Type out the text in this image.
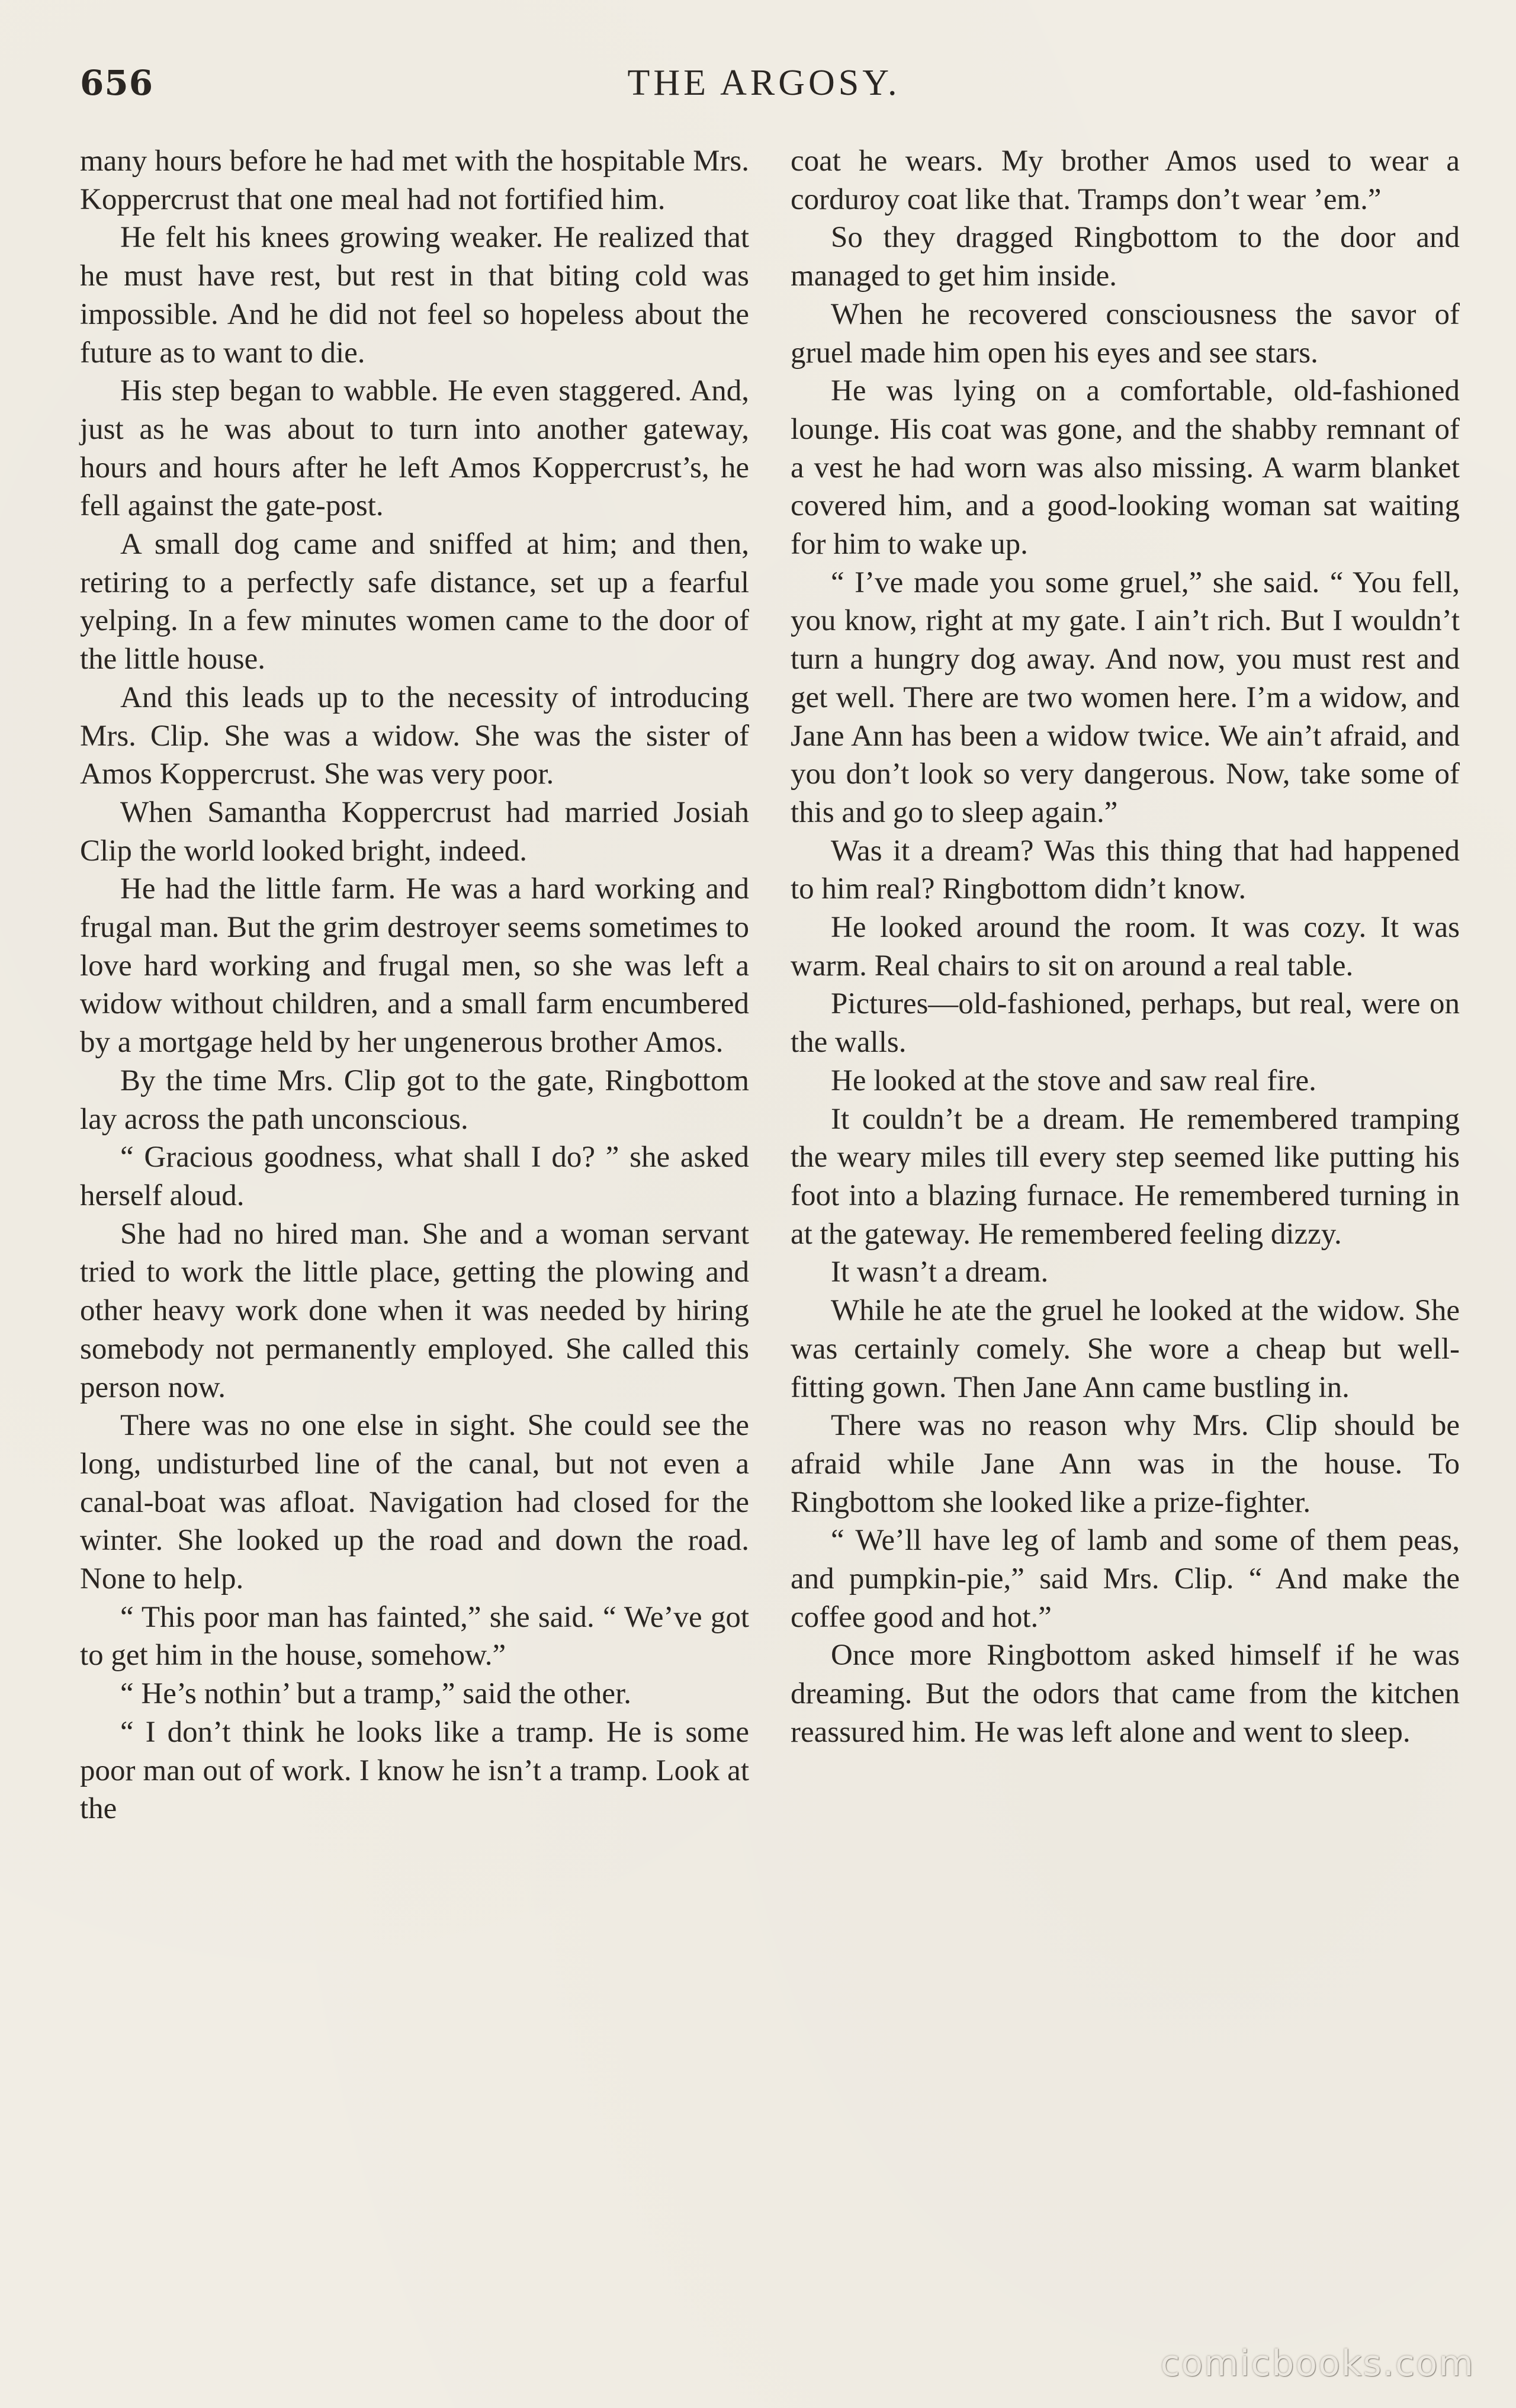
656	THE ARGOSY.

many hours before he had met with the hospitable Mrs. Koppercrust that one meal had not fortified him.

He felt his knees growing weaker. He realized that he must have rest, but rest in that biting cold was impossible. And he did not feel so hopeless about the future as to want to die.

His step began to wabble. He even staggered. And, just as he was about to turn into another gateway, hours and hours after he left Amos Koppercrust’s, he fell against the gate-post.

A small dog came and sniffed at him; and then, retiring to a perfectly safe distance, set up a fearful yelping. In a few minutes women came to the door of the little house.

And this leads up to the necessity of introducing Mrs. Clip. She was a widow. She was the sister of Amos Koppercrust. She was very poor.

When Samantha Koppercrust had married Josiah Clip the world looked bright, indeed.

He had the little farm. He was a hard working and frugal man. But the grim destroyer seems sometimes to love hard working and frugal men, so she was left a widow without children, and a small farm encumbered by a mortgage held by her ungenerous brother Amos.

By the time Mrs. Clip got to the gate, Ringbottom lay across the path unconscious.

“ Gracious goodness, what shall I do? ” she asked herself aloud.

She had no hired man. She and a woman servant tried to work the little place, getting the plowing and other heavy work done when it was needed by hiring somebody not permanently employed. She called this person now.

There was no one else in sight. She could see the long, undisturbed line of the canal, but not even a canal-boat was afloat. Navigation had closed for the winter. She looked up the road and down the road. None to help.

“ This poor man has fainted,” she said. “ We’ve got to get him in the house, somehow.”

“ He’s nothin’ but a tramp,” said the other.

“ I don’t think he looks like a tramp. He is some poor man out of work. I know he isn’t a tramp. Look at the

coat he wears. My brother Amos used to wear a corduroy coat like that. Tramps don’t wear ’em.”

So they dragged Ringbottom to the door and managed to get him inside.

When he recovered consciousness the savor of gruel made him open his eyes and see stars.

He was lying on a comfortable, old-fashioned lounge. His coat was gone, and the shabby remnant of a vest he had worn was also missing. A warm blanket covered him, and a good-looking woman sat waiting for him to wake up.

“ I’ve made you some gruel,” she said. “ You fell, you know, right at my gate. I ain’t rich. But I wouldn’t turn a hungry dog away. And now, you must rest and get well. There are two women here. I’m a widow, and Jane Ann has been a widow twice. We ain’t afraid, and you don’t look so very dangerous. Now, take some of this and go to sleep again.”

Was it a dream? Was this thing that had happened to him real? Ringbottom didn’t know.

He looked around the room. It was cozy. It was warm. Real chairs to sit on around a real table.

Pictures—old-fashioned, perhaps, but real, were on the walls.

He looked at the stove and saw real fire.

It couldn’t be a dream. He remembered tramping the weary miles till every step seemed like putting his foot into a blazing furnace. He remembered turning in at the gateway. He remembered feeling dizzy.

It wasn’t a dream.

While he ate the gruel he looked at the widow. She was certainly comely. She wore a cheap but well-fitting gown. Then Jane Ann came bustling in.

There was no reason why Mrs. Clip should be afraid while Jane Ann was in the house. To Ringbottom she looked like a prize-fighter.

“ We’ll have leg of lamb and some of them peas, and pumpkin-pie,” said Mrs. Clip. “ And make the coffee good and hot.”

Once more Ringbottom asked himself if he was dreaming. But the odors that came from the kitchen reassured him. He was left alone and went to sleep.

comicbooks.com
